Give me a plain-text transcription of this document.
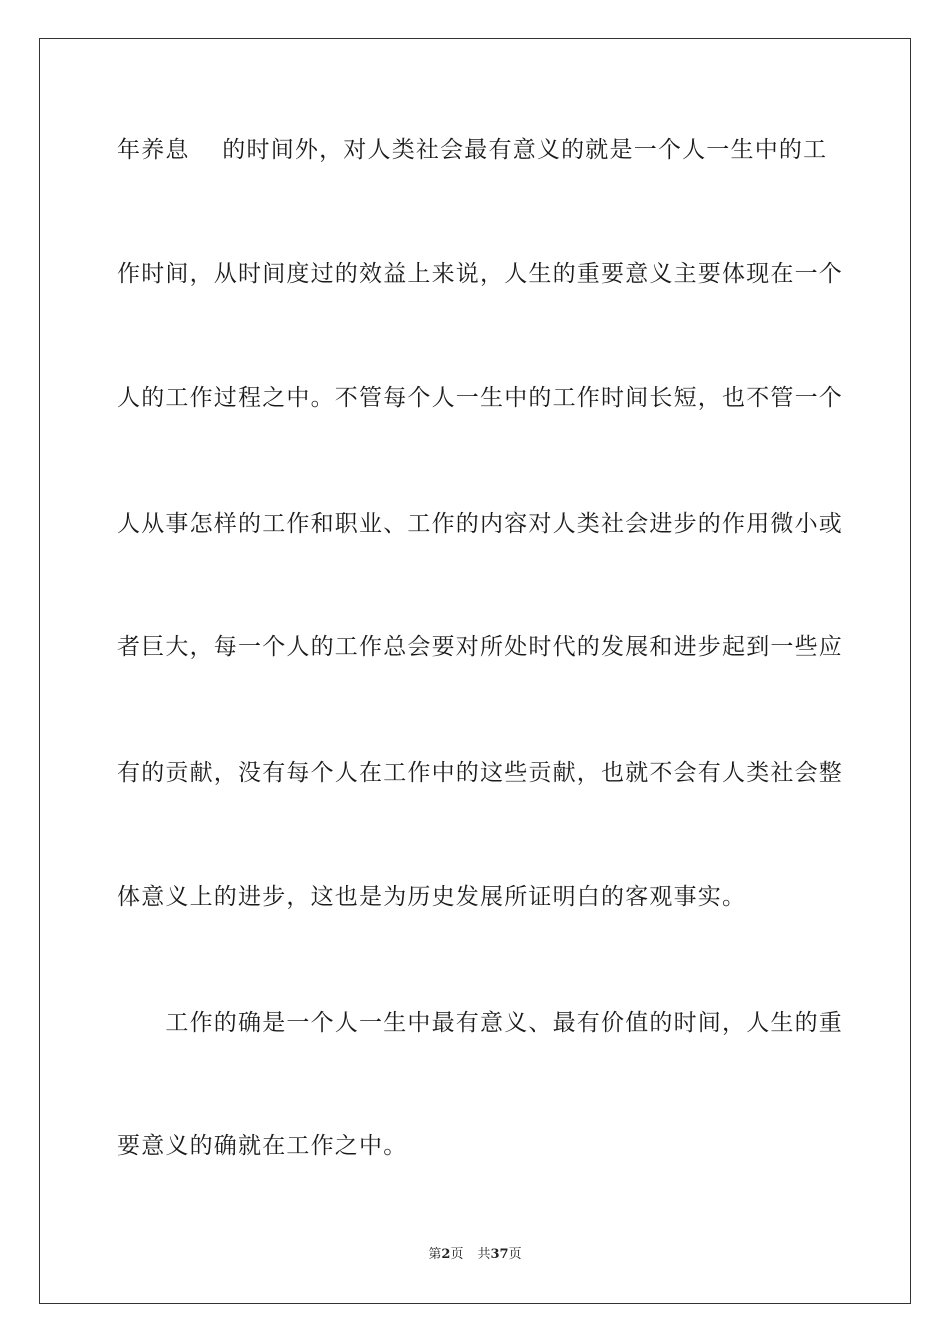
年养息　 的时间外，对人类社会最有意义的就是一个人一生中的工
作时间，从时间度过的效益上来说，人生的重要意义主要体现在一个
人的工作过程之中。不管每个人一生中的工作时间长短，也不管一个
人从事怎样的工作和职业、工作的内容对人类社会进步的作用微小或
者巨大，每一个人的工作总会要对所处时代的发展和进步起到一些应
有的贡献，没有每个人在工作中的这些贡献，也就不会有人类社会整
体意义上的进步，这也是为历史发展所证明白的客观事实。
　　工作的确是一个人一生中最有意义、最有价值的时间，人生的重
要意义的确就在工作之中。
第2页 共37页
